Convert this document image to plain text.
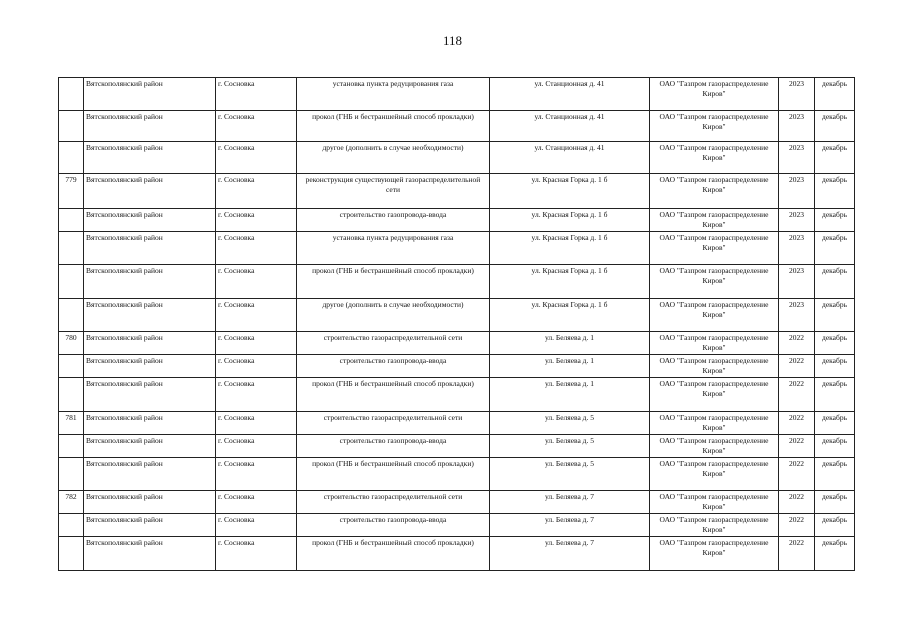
118
	Вятскополянский район	г. Сосновка	установка пункта редуцирования газа	ул. Станционная д. 41	ОАО "Газпром газораспределение Киров"	2023	декабрь
	Вятскополянский район	г. Сосновка	прокол (ГНБ и бестраншейный способ прокладки)	ул. Станционная д. 41	ОАО "Газпром газораспределение Киров"	2023	декабрь
	Вятскополянский район	г. Сосновка	другое (дополнить в случае необходимости)	ул. Станционная д. 41	ОАО "Газпром газораспределение Киров"	2023	декабрь
779	Вятскополянский район	г. Сосновка	реконструкция существующей газораспределительной сети	ул. Красная Горка д. 1 б	ОАО "Газпром газораспределение Киров"	2023	декабрь
	Вятскополянский район	г. Сосновка	строительство газопровода-ввода	ул. Красная Горка д. 1 б	ОАО "Газпром газораспределение Киров"	2023	декабрь
	Вятскополянский район	г. Сосновка	установка пункта редуцирования газа	ул. Красная Горка д. 1 б	ОАО "Газпром газораспределение Киров"	2023	декабрь
	Вятскополянский район	г. Сосновка	прокол (ГНБ и бестраншейный способ прокладки)	ул. Красная Горка д. 1 б	ОАО "Газпром газораспределение Киров"	2023	декабрь
	Вятскополянский район	г. Сосновка	другое (дополнить в случае необходимости)	ул. Красная Горка д. 1 б	ОАО "Газпром газораспределение Киров"	2023	декабрь
780	Вятскополянский район	г. Сосновка	строительство газораспределительной сети	ул. Беляева д. 1	ОАО "Газпром газораспределение Киров"	2022	декабрь
	Вятскополянский район	г. Сосновка	строительство газопровода-ввода	ул. Беляева д. 1	ОАО "Газпром газораспределение Киров"	2022	декабрь
	Вятскополянский район	г. Сосновка	прокол (ГНБ и бестраншейный способ прокладки)	ул. Беляева д. 1	ОАО "Газпром газораспределение Киров"	2022	декабрь
781	Вятскополянский район	г. Сосновка	строительство газораспределительной сети	ул. Беляева д. 5	ОАО "Газпром газораспределение Киров"	2022	декабрь
	Вятскополянский район	г. Сосновка	строительство газопровода-ввода	ул. Беляева д. 5	ОАО "Газпром газораспределение Киров"	2022	декабрь
	Вятскополянский район	г. Сосновка	прокол (ГНБ и бестраншейный способ прокладки)	ул. Беляева д. 5	ОАО "Газпром газораспределение Киров"	2022	декабрь
782	Вятскополянский район	г. Сосновка	строительство газораспределительной сети	ул. Беляева д. 7	ОАО "Газпром газораспределение Киров"	2022	декабрь
	Вятскополянский район	г. Сосновка	строительство газопровода-ввода	ул. Беляева д. 7	ОАО "Газпром газораспределение Киров"	2022	декабрь
	Вятскополянский район	г. Сосновка	прокол (ГНБ и бестраншейный способ прокладки)	ул. Беляева д. 7	ОАО "Газпром газораспределение Киров"	2022	декабрь
